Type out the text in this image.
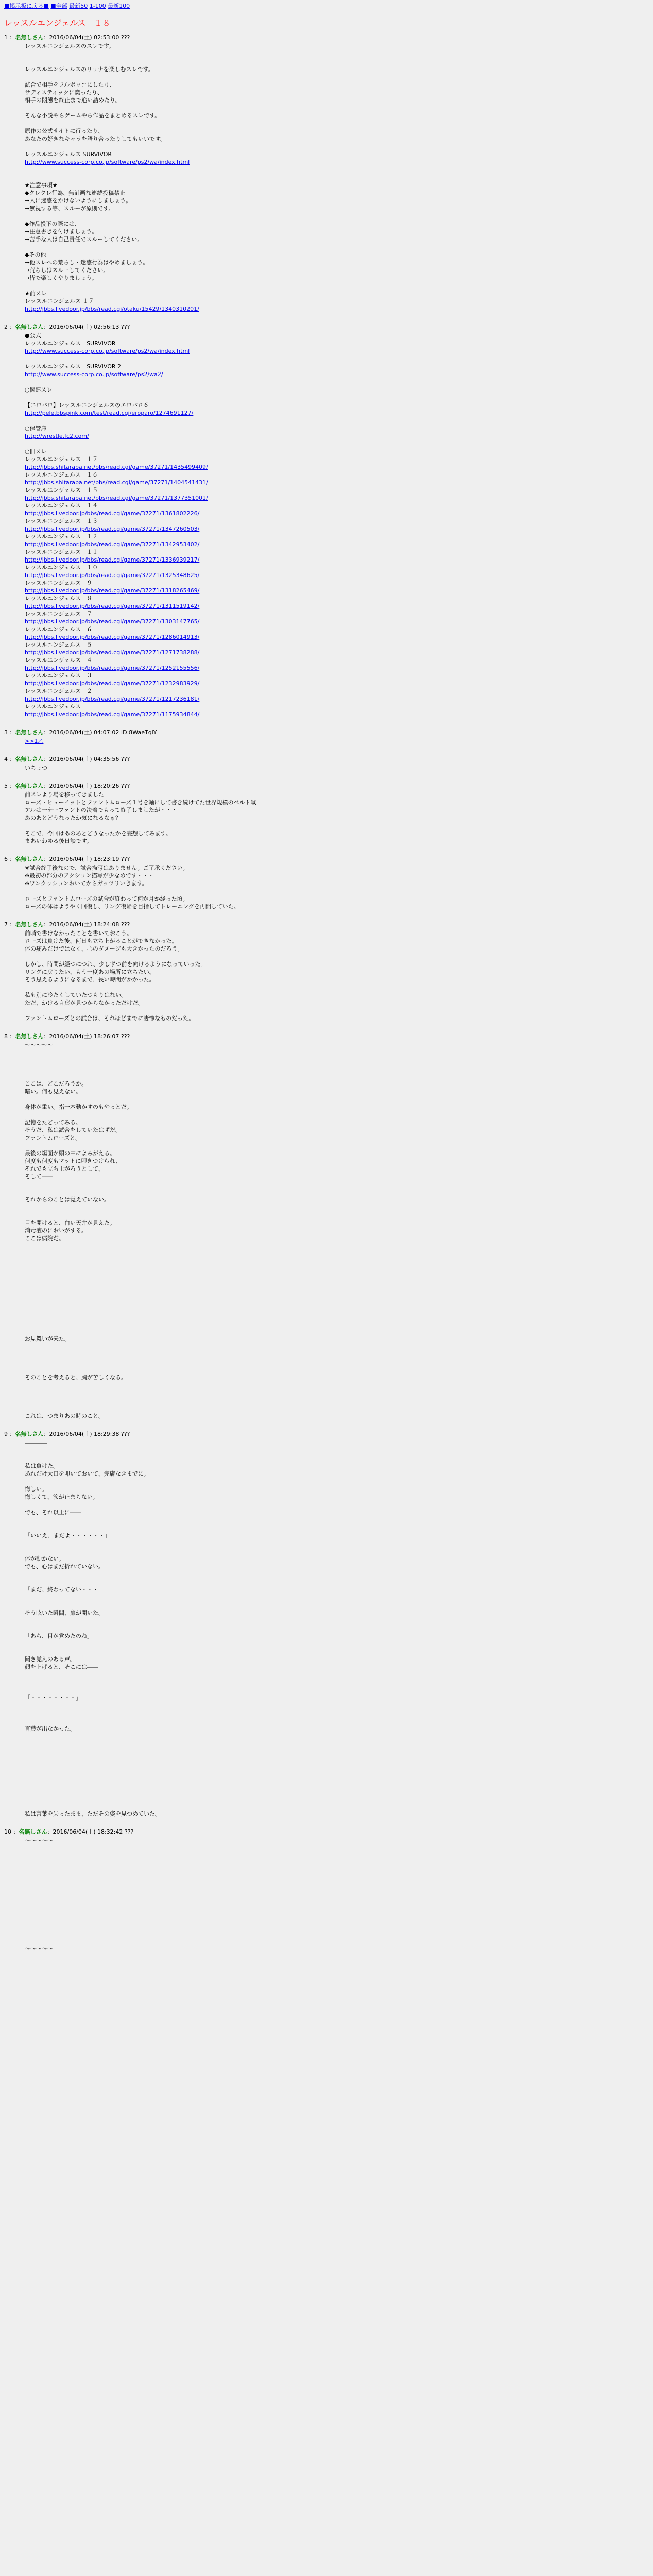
■掲示板に戻る■ ■全部 最新50 1-100 最新100
レッスルエンジェルス　１８
1 ：名無しさん：2016/06/04(土) 02:53:00 ???
レッスルエンジェルスのスレです。
レッスルエンジェルスのリョナを楽しむスレです。
試合で相手をフルボッコにしたり、
サディスティックに嬲ったり、
相手の悶態を終止まで追い詰めたり。
そんな小説やらゲームやら作品をまとめるスレです。
原作の公式サイトに行ったり、
あなたの好きなキャラを語り合ったりしてもいいです。
レッスルエンジェルス SURVIVOR
http://www.success-corp.co.jp/software/ps2/wa/index.html
★注意事項★
◆クレクレ行為、無計画な連続投稿禁止
→人に迷惑をかけないようにしましょう。
→無視する等、スルーが原則です。
◆作品投下の際には、
→注意書きを付けましょう。
→苦手な人は自己責任でスルーしてください。
◆その他
→他スレへの荒らし・迷惑行為はやめましょう。
→荒らしはスルーしてください。
→皆で楽しくやりましょう。
★前スレ
レッスルエンジェルス １７
http://jbbs.livedoor.jp/bbs/read.cgi/otaku/15429/1340310201/
2 ：名無しさん：2016/06/04(土) 02:56:13 ???
●公式
レッスルエンジェルス　SURVIVOR
http://www.success-corp.co.jp/software/ps2/wa/index.html
レッスルエンジェルス　SURVIVOR 2
http://www.success-corp.co.jp/software/ps2/wa2/
○関連スレ
【エロパロ】レッスルエンジェルスのエロパロ６
http://pele.bbspink.com/test/read.cgi/eroparo/1274691127/
○保管庫
http://wrestle.fc2.com/
○旧スレ
レッスルエンジェルス　１７
http://jbbs.shitaraba.net/bbs/read.cgi/game/37271/1435499409/
レッスルエンジェルス　１６
http://jbbs.shitaraba.net/bbs/read.cgi/game/37271/1404541431/
レッスルエンジェルス　１５
http://jbbs.shitaraba.net/bbs/read.cgi/game/37271/1377351001/
レッスルエンジェルス　１４
http://jbbs.livedoor.jp/bbs/read.cgi/game/37271/1361802226/
レッスルエンジェルス　１３
http://jbbs.livedoor.jp/bbs/read.cgi/game/37271/1347260503/
レッスルエンジェルス　１２
http://jbbs.livedoor.jp/bbs/read.cgi/game/37271/1342953402/
レッスルエンジェルス　１１
http://jbbs.livedoor.jp/bbs/read.cgi/game/37271/1336939217/
レッスルエンジェルス　１０
http://jbbs.livedoor.jp/bbs/read.cgi/game/37271/1325348625/
レッスルエンジェルス　９
http://jbbs.livedoor.jp/bbs/read.cgi/game/37271/1318265469/
レッスルエンジェルス　８
http://jbbs.livedoor.jp/bbs/read.cgi/game/37271/1311519142/
レッスルエンジェルス　７
http://jbbs.livedoor.jp/bbs/read.cgi/game/37271/1303147765/
レッスルエンジェルス　６
http://jbbs.livedoor.jp/bbs/read.cgi/game/37271/1286014913/
レッスルエンジェルス　５
http://jbbs.livedoor.jp/bbs/read.cgi/game/37271/1271738288/
レッスルエンジェルス　４
http://jbbs.livedoor.jp/bbs/read.cgi/game/37271/1252155556/
レッスルエンジェルス　３
http://jbbs.livedoor.jp/bbs/read.cgi/game/37271/1232983929/
レッスルエンジェルス　２
http://jbbs.livedoor.jp/bbs/read.cgi/game/37271/1217236181/
レッスルエンジェルス
http://jbbs.livedoor.jp/bbs/read.cgi/game/37271/1175934844/
3 ：名無しさん：2016/06/04(土) 04:07:02 ID:8WaeTqiY
>>1乙
4 ：名無しさん：2016/06/04(土) 04:35:56 ???
いちょつ
5 ：名無しさん：2016/06/04(土) 18:20:26 ???
前スレより場を移ってきました
ローズ・ヒューイットとファントムローズ１号を軸にして書き続けてた世界規模のベルト戦
アルは一ナーファントの決着でもって終了しましたが・・・
あのあとどうなったか気になるなぁ？
そこで、今回はあのあとどうなったかを妄想してみます。
まあいわゆる後日談です。
6 ：名無しさん：2016/06/04(土) 18:23:19 ???
※試合終了後なので、試合描写はありません。ご了承ください。
※最初の部分のアクション描写が少なめです・・・
※ワンクッションおいてからガッツリいきます。
ローズとファントムローズの試合が終わって何か月か経った頃。
ローズの体はようやく回復し、リング復帰を目指してトレーニングを再開していた。
7 ：名無しさん：2016/06/04(土) 18:24:08 ???
前哨で書けなかったことを書いておこう。
ローズは負けた後、何日も立ち上がることができなかった。
体の痛みだけではなく、心のダメージも大きかったのだろう。
しかし、時間が経つにつれ、少しずつ前を向けるようになっていった。
リングに戻りたい、もう一度あの場所に立ちたい。
そう思えるようになるまで、長い時間がかかった。
私も別に冷たくしていたつもりはない。
ただ、かける言葉が見つからなかっただけだ。
ファントムローズとの試合は、それほどまでに凄惨なものだった。
8 ：名無しさん：2016/06/04(土) 18:26:07 ???
～～～～～
ここは、どこだろうか。
暗い。何も見えない。
身体が重い。指一本動かすのもやっとだ。
記憶をたどってみる。
そうだ、私は試合をしていたはずだ。
ファントムローズと。
最後の場面が頭の中によみがえる。
何度も何度もマットに叩きつけられ、
それでも立ち上がろうとして、
そして――
それからのことは覚えていない。
目を開けると、白い天井が見えた。
消毒液のにおいがする。
ここは病院だ。
お見舞いが来た。
そのことを考えると、胸が苦しくなる。
これは、つまりあの時のこと。
9 ：名無しさん：2016/06/04(土) 18:29:38 ???
――――
私は負けた。
あれだけ大口を叩いておいて、完膚なきまでに。
悔しい。
悔しくて、涙が止まらない。
でも、それ以上に――
「いいえ、まだよ・・・・・・」
体が動かない。
でも、心はまだ折れていない。
「まだ、終わってない・・・」
そう呟いた瞬間、扉が開いた。
「あら、目が覚めたのね」
聞き覚えのある声。
顔を上げると、そこには――
「・・・・・・・・」
言葉が出なかった。
私は言葉を失ったまま、ただその姿を見つめていた。
10 ：名無しさん：2016/06/04(土) 18:32:42 ???
～～～～～
～～～～～
